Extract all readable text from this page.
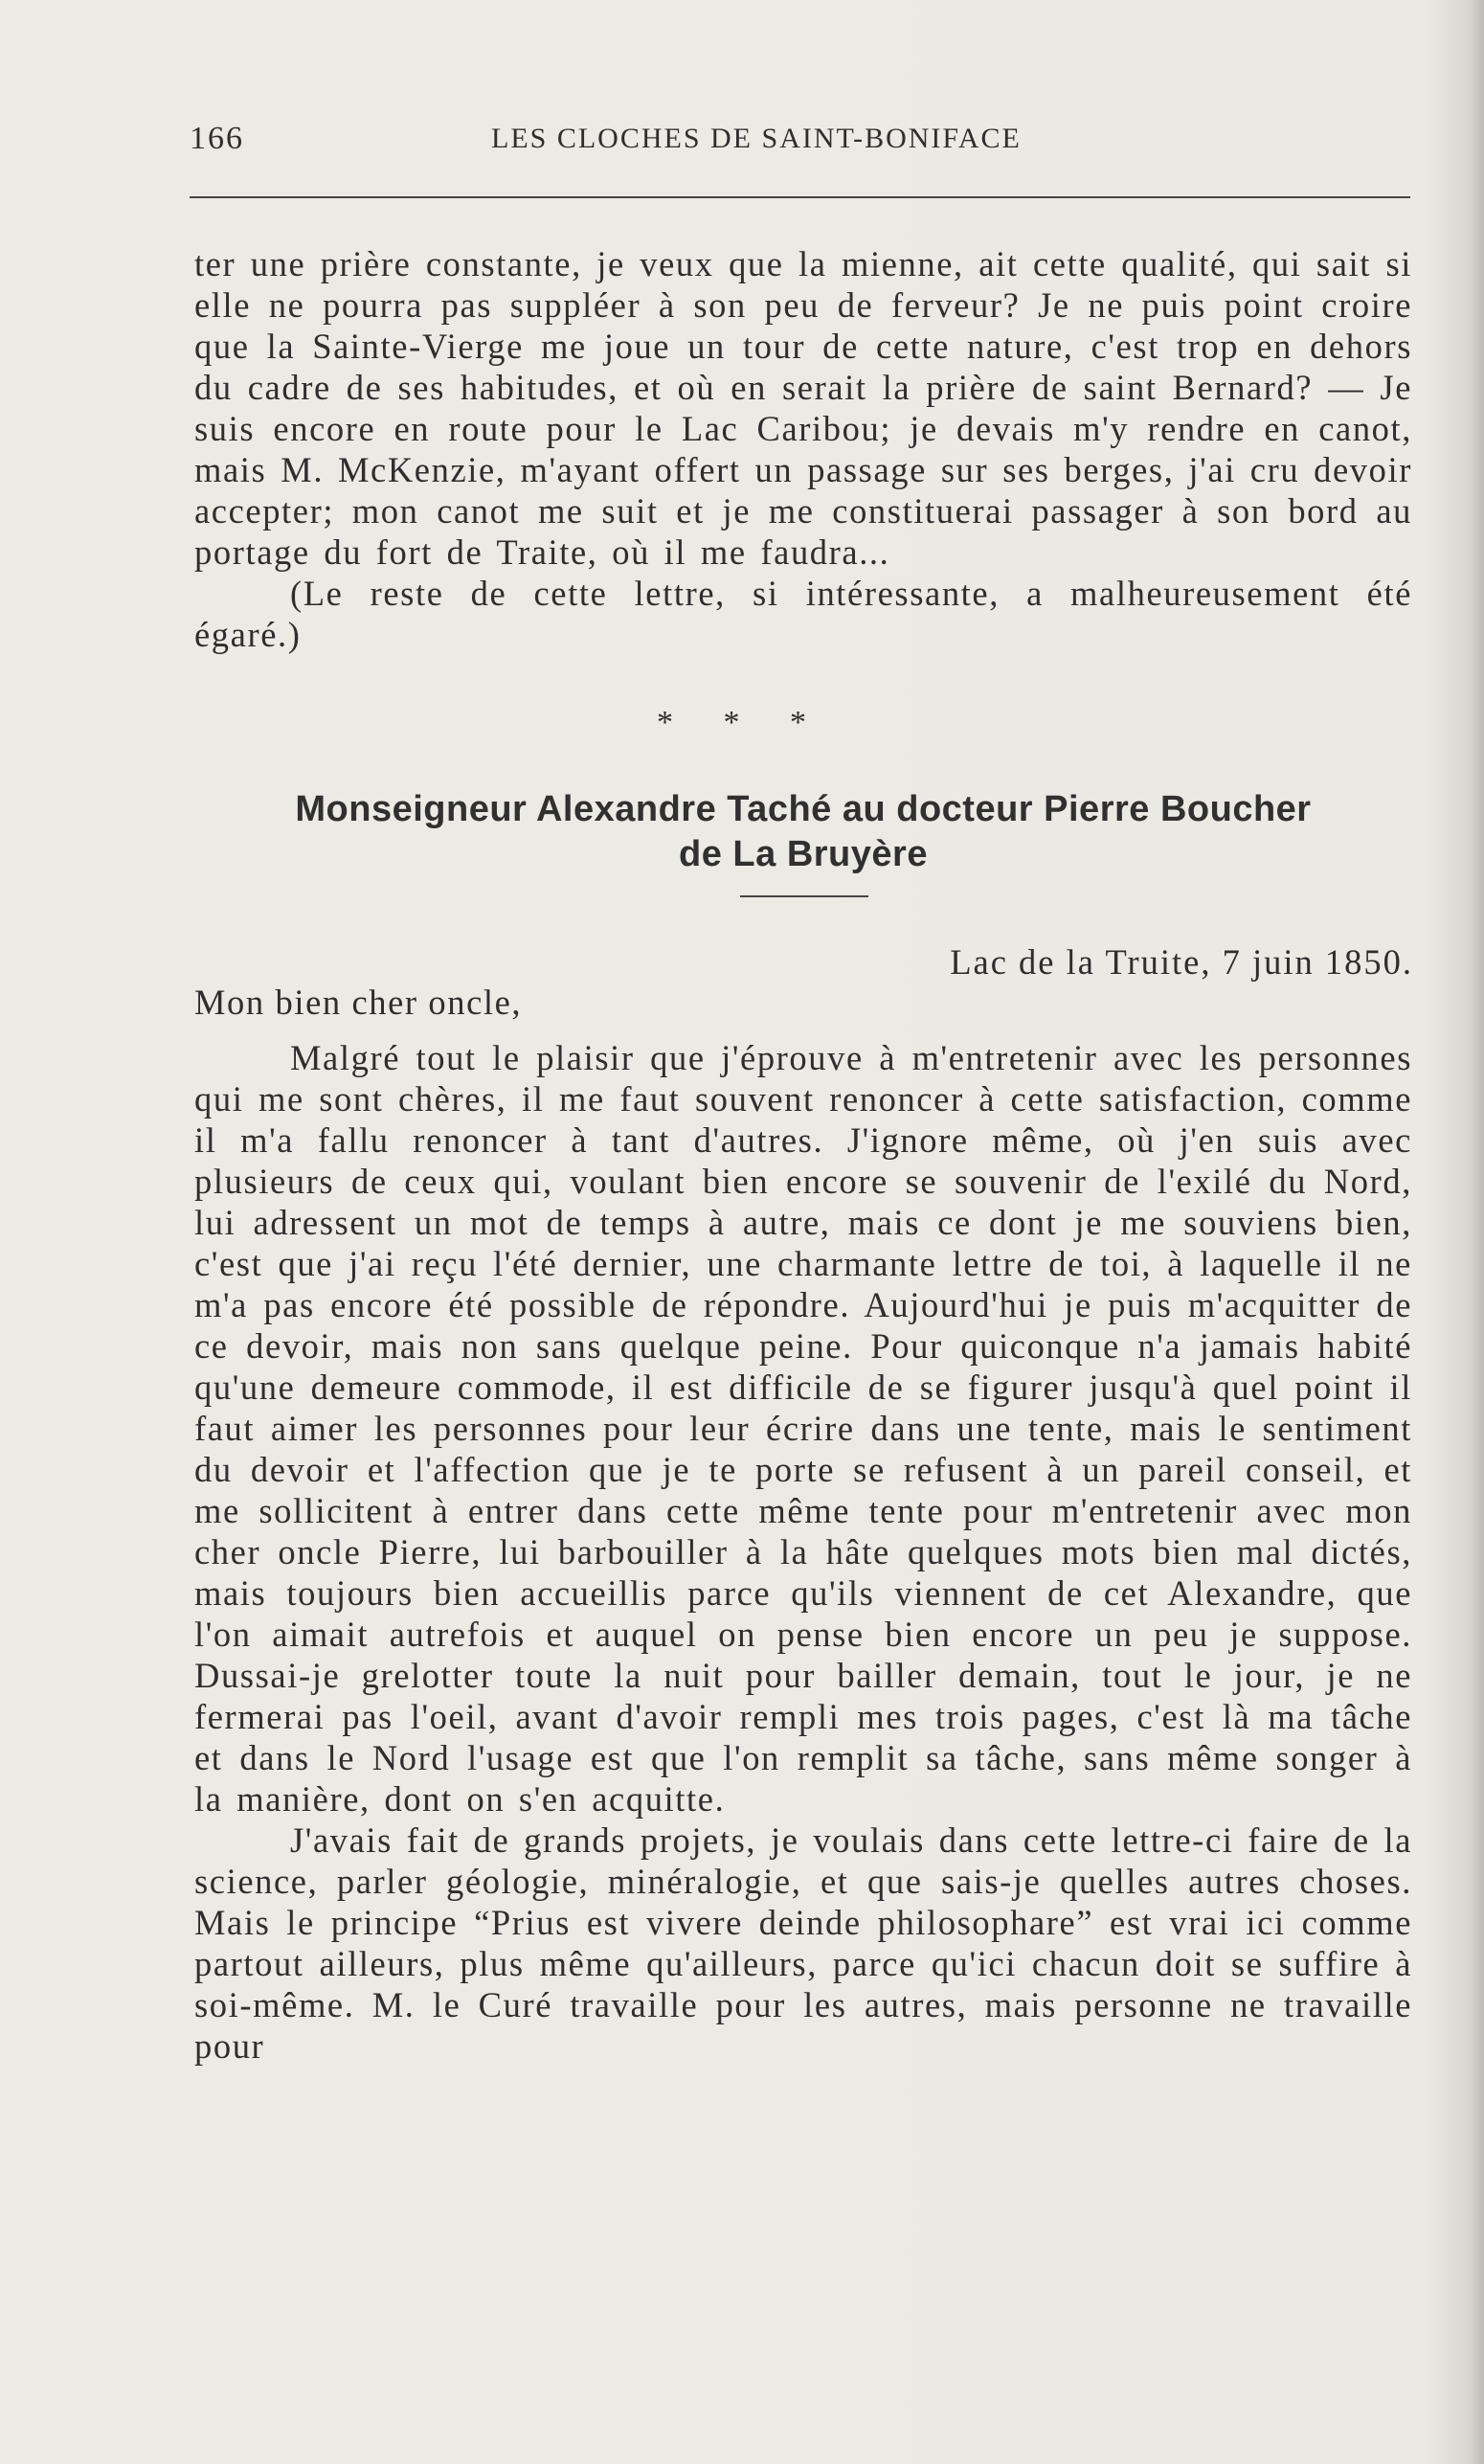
166	LES CLOCHES DE SAINT-BONIFACE

ter une prière constante, je veux que la mienne, ait cette qualité, qui sait si elle ne pourra pas suppléer à son peu de ferveur? Je ne puis point croire que la Sainte-Vierge me joue un tour de cette nature, c'est trop en dehors du cadre de ses habitudes, et où en serait la prière de saint Bernard? — Je suis encore en route pour le Lac Caribou; je devais m'y rendre en canot, mais M. McKenzie, m'ayant offert un passage sur ses berges, j'ai cru devoir accepter; mon canot me suit et je me constituerai passager à son bord au portage du fort de Traite, où il me faudra...

(Le reste de cette lettre, si intéressante, a malheureusement été égaré.)

* * *
Monseigneur Alexandre Taché au docteur Pierre Boucher
de La Bruyère
Lac de la Truite, 7 juin 1850.
Mon bien cher oncle,

Malgré tout le plaisir que j'éprouve à m'entretenir avec les personnes qui me sont chères, il me faut souvent renoncer à cette satisfaction, comme il m'a fallu renoncer à tant d'autres. J'ignore même, où j'en suis avec plusieurs de ceux qui, voulant bien encore se souvenir de l'exilé du Nord, lui adressent un mot de temps à autre, mais ce dont je me souviens bien, c'est que j'ai reçu l'été dernier, une charmante lettre de toi, à laquelle il ne m'a pas encore été possible de répondre. Aujourd'hui je puis m'acquitter de ce devoir, mais non sans quelque peine. Pour quiconque n'a jamais habité qu'une demeure commode, il est difficile de se figurer jusqu'à quel point il faut aimer les personnes pour leur écrire dans une tente, mais le sentiment du devoir et l'affection que je te porte se refusent à un pareil conseil, et me sollicitent à entrer dans cette même tente pour m'entretenir avec mon cher oncle Pierre, lui barbouiller à la hâte quelques mots bien mal dictés, mais toujours bien accueillis parce qu'ils viennent de cet Alexandre, que l'on aimait autrefois et auquel on pense bien encore un peu je suppose. Dussai-je grelotter toute la nuit pour bailler demain, tout le jour, je ne fermerai pas l'oeil, avant d'avoir rempli mes trois pages, c'est là ma tâche et dans le Nord l'usage est que l'on remplit sa tâche, sans même songer à la manière, dont on s'en acquitte.

J'avais fait de grands projets, je voulais dans cette lettre-ci faire de la science, parler géologie, minéralogie, et que sais-je quelles autres choses. Mais le principe “Prius est vivere deinde philosophare” est vrai ici comme partout ailleurs, plus même qu'ailleurs, parce qu'ici chacun doit se suffire à soi-même. M. le Curé travaille pour les autres, mais personne ne travaille pour
